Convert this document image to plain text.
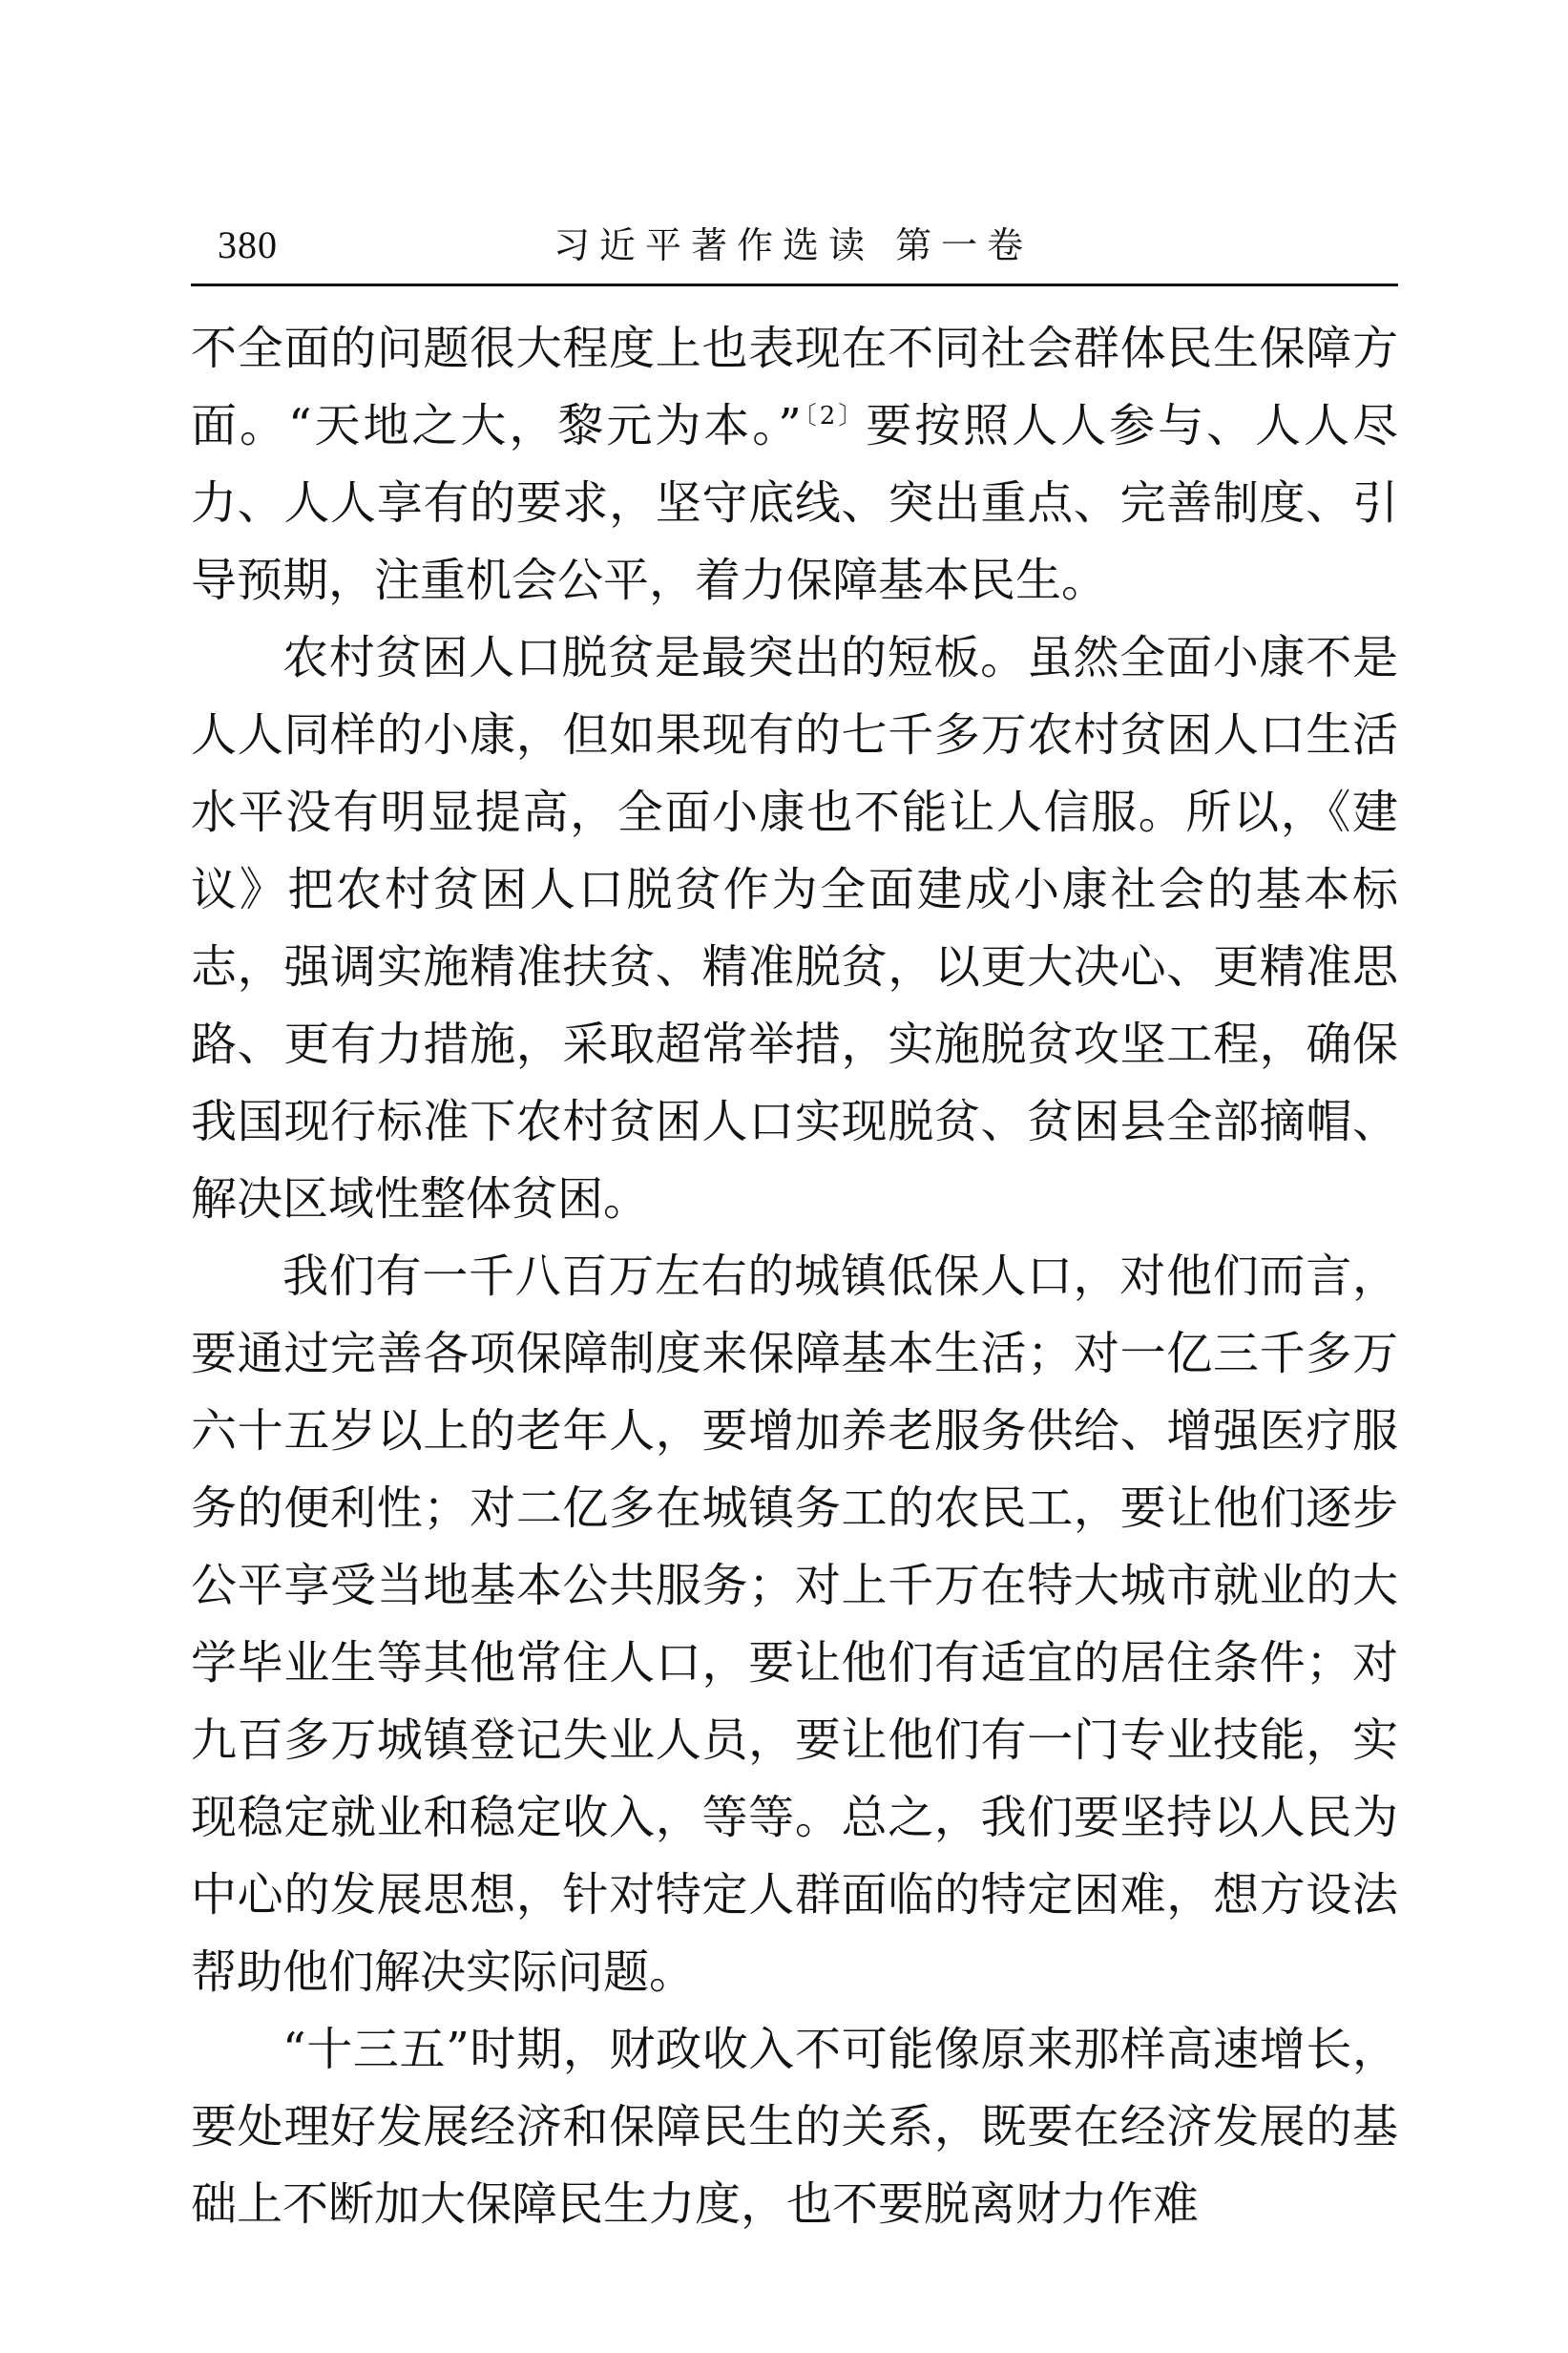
380	习近平著作选读 第一卷

不全面的问题很大程度上也表现在不同社会群体民生保障方面。“天地之大，黎元为本。”$^{〔2〕}$要按照人人参与、人人尽力、人人享有的要求，坚守底线、突出重点、完善制度、引导预期，注重机会公平，着力保障基本民生。

农村贫困人口脱贫是最突出的短板。虽然全面小康不是人人同样的小康，但如果现有的七千多万农村贫困人口生活水平没有明显提高，全面小康也不能让人信服。所以，《建议》把农村贫困人口脱贫作为全面建成小康社会的基本标志，强调实施精准扶贫、精准脱贫，以更大决心、更精准思路、更有力措施，采取超常举措，实施脱贫攻坚工程，确保我国现行标准下农村贫困人口实现脱贫、贫困县全部摘帽、解决区域性整体贫困。

我们有一千八百万左右的城镇低保人口，对他们而言，要通过完善各项保障制度来保障基本生活；对一亿三千多万六十五岁以上的老年人，要增加养老服务供给、增强医疗服务的便利性；对二亿多在城镇务工的农民工，要让他们逐步公平享受当地基本公共服务；对上千万在特大城市就业的大学毕业生等其他常住人口，要让他们有适宜的居住条件；对九百多万城镇登记失业人员，要让他们有一门专业技能，实现稳定就业和稳定收入，等等。总之，我们要坚持以人民为中心的发展思想，针对特定人群面临的特定困难，想方设法帮助他们解决实际问题。

“十三五”时期，财政收入不可能像原来那样高速增长，要处理好发展经济和保障民生的关系，既要在经济发展的基础上不断加大保障民生力度，也不要脱离财力作难
